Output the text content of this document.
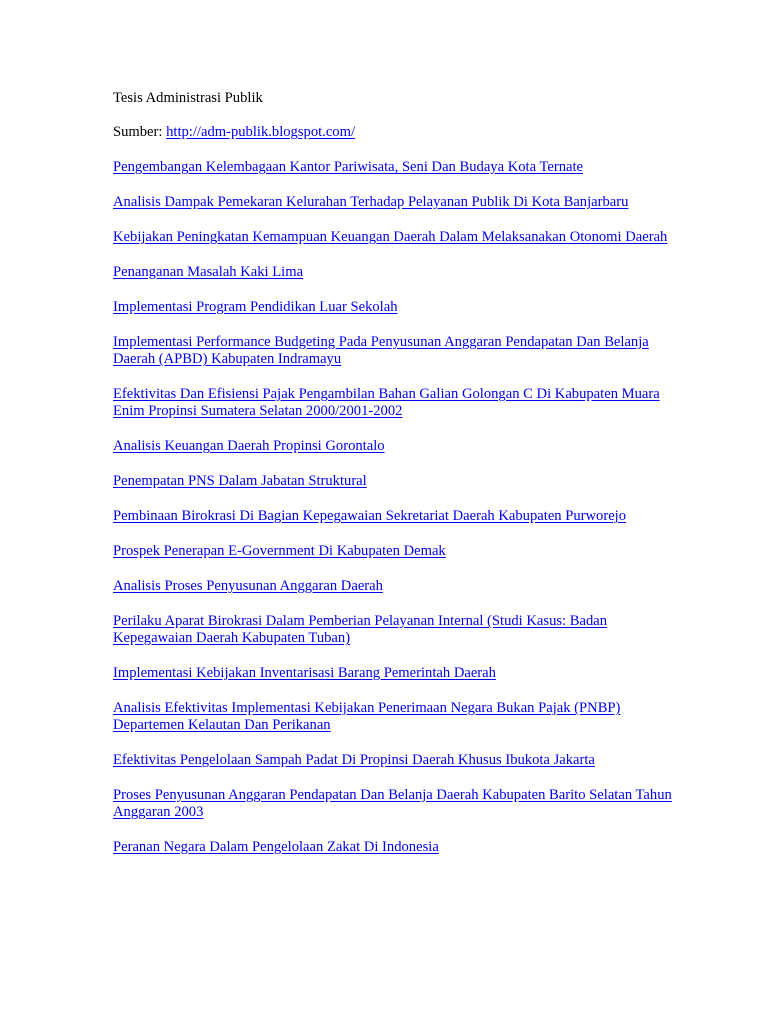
Tesis Administrasi Publik

Sumber: http://adm-publik.blogspot.com/

Pengembangan Kelembagaan Kantor Pariwisata, Seni Dan Budaya Kota Ternate
Analisis Dampak Pemekaran Kelurahan Terhadap Pelayanan Publik Di Kota Banjarbaru
Kebijakan Peningkatan Kemampuan Keuangan Daerah Dalam Melaksanakan Otonomi Daerah
Penanganan Masalah Kaki Lima
Implementasi Program Pendidikan Luar Sekolah
Implementasi Performance Budgeting Pada Penyusunan Anggaran Pendapatan Dan Belanja Daerah (APBD) Kabupaten Indramayu
Efektivitas Dan Efisiensi Pajak Pengambilan Bahan Galian Golongan C Di Kabupaten Muara Enim Propinsi Sumatera Selatan 2000/2001-2002
Analisis Keuangan Daerah Propinsi Gorontalo
Penempatan PNS Dalam Jabatan Struktural
Pembinaan Birokrasi Di Bagian Kepegawaian Sekretariat Daerah Kabupaten Purworejo
Prospek Penerapan E-Government Di Kabupaten Demak
Analisis Proses Penyusunan Anggaran Daerah
Perilaku Aparat Birokrasi Dalam Pemberian Pelayanan Internal (Studi Kasus: Badan Kepegawaian Daerah Kabupaten Tuban)
Implementasi Kebijakan Inventarisasi Barang Pemerintah Daerah
Analisis Efektivitas Implementasi Kebijakan Penerimaan Negara Bukan Pajak (PNBP) Departemen Kelautan Dan Perikanan
Efektivitas Pengelolaan Sampah Padat Di Propinsi Daerah Khusus Ibukota Jakarta
Proses Penyusunan Anggaran Pendapatan Dan Belanja Daerah Kabupaten Barito Selatan Tahun Anggaran 2003
Peranan Negara Dalam Pengelolaan Zakat Di Indonesia
